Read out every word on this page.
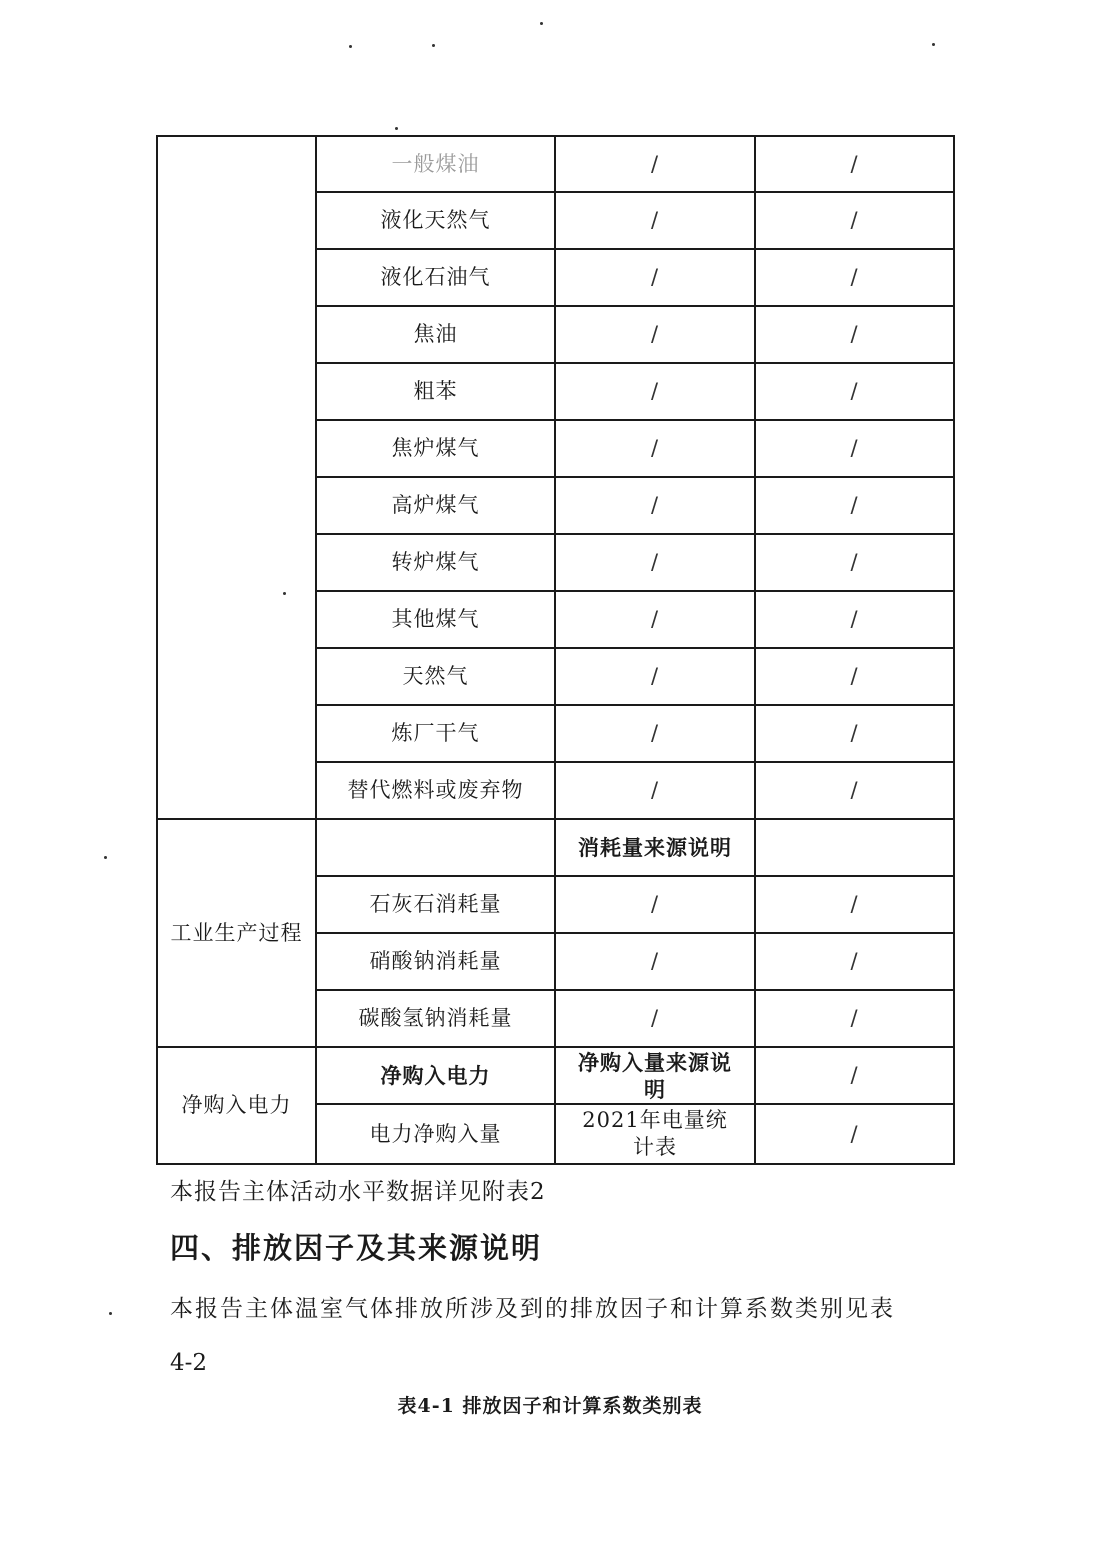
	一般煤油	/	/
	液化天然气	/	/
	液化石油气	/	/
	焦油	/	/
	粗苯	/	/
	焦炉煤气	/	/
	高炉煤气	/	/
	转炉煤气	/	/
	其他煤气	/	/
	天然气	/	/
	炼厂干气	/	/
	替代燃料或废弃物	/	/
工业生产过程		消耗量来源说明	
	石灰石消耗量	/	/
	硝酸钠消耗量	/	/
	碳酸氢钠消耗量	/	/
净购入电力	净购入电力	净购入量来源说明	/
	电力净购入量	2021年电量统计表	/
本报告主体活动水平数据详见附表2
四、排放因子及其来源说明
本报告主体温室气体排放所涉及到的排放因子和计算系数类别见表
4-2
表4-1 排放因子和计算系数类别表
